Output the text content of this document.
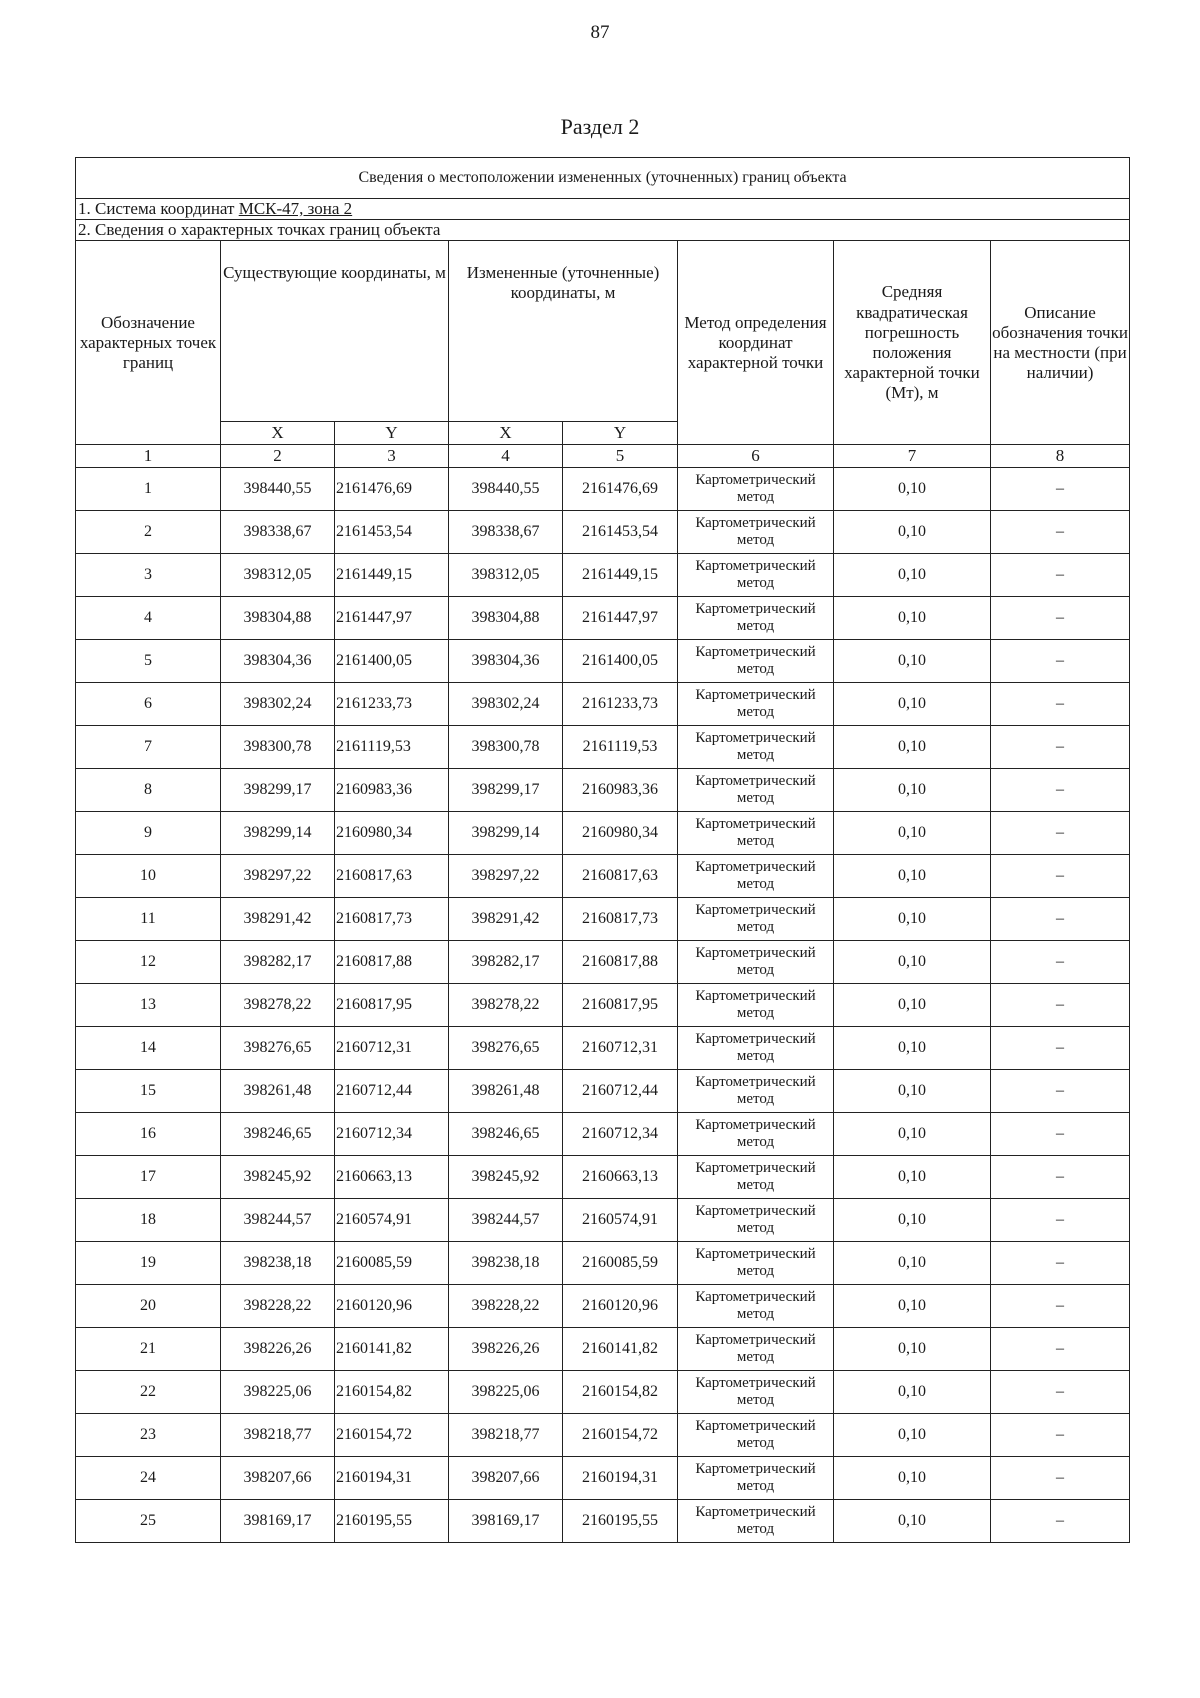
87
Раздел 2
Сведения о местоположении измененных (уточненных) границ объекта							
1. Система координат МСК-47, зона 2							
2. Сведения о характерных точках границ объекта							
Обозначение характерных точек границ	Существующие координаты, м		Измененные (уточненные) координаты, м		Метод определения координат характерной точки	Средняя квадратическая погрешность положения характерной точки (Мт), м	Описание обозначения точки на местности (при наличии)
	X	Y	X	Y			
1	2	3	4	5	6	7	8
1	398440,55	2161476,69	398440,55	2161476,69	Картометрический метод	0,10	–
2	398338,67	2161453,54	398338,67	2161453,54	Картометрический метод	0,10	–
3	398312,05	2161449,15	398312,05	2161449,15	Картометрический метод	0,10	–
4	398304,88	2161447,97	398304,88	2161447,97	Картометрический метод	0,10	–
5	398304,36	2161400,05	398304,36	2161400,05	Картометрический метод	0,10	–
6	398302,24	2161233,73	398302,24	2161233,73	Картометрический метод	0,10	–
7	398300,78	2161119,53	398300,78	2161119,53	Картометрический метод	0,10	–
8	398299,17	2160983,36	398299,17	2160983,36	Картометрический метод	0,10	–
9	398299,14	2160980,34	398299,14	2160980,34	Картометрический метод	0,10	–
10	398297,22	2160817,63	398297,22	2160817,63	Картометрический метод	0,10	–
11	398291,42	2160817,73	398291,42	2160817,73	Картометрический метод	0,10	–
12	398282,17	2160817,88	398282,17	2160817,88	Картометрический метод	0,10	–
13	398278,22	2160817,95	398278,22	2160817,95	Картометрический метод	0,10	–
14	398276,65	2160712,31	398276,65	2160712,31	Картометрический метод	0,10	–
15	398261,48	2160712,44	398261,48	2160712,44	Картометрический метод	0,10	–
16	398246,65	2160712,34	398246,65	2160712,34	Картометрический метод	0,10	–
17	398245,92	2160663,13	398245,92	2160663,13	Картометрический метод	0,10	–
18	398244,57	2160574,91	398244,57	2160574,91	Картометрический метод	0,10	–
19	398238,18	2160085,59	398238,18	2160085,59	Картометрический метод	0,10	–
20	398228,22	2160120,96	398228,22	2160120,96	Картометрический метод	0,10	–
21	398226,26	2160141,82	398226,26	2160141,82	Картометрический метод	0,10	–
22	398225,06	2160154,82	398225,06	2160154,82	Картометрический метод	0,10	–
23	398218,77	2160154,72	398218,77	2160154,72	Картометрический метод	0,10	–
24	398207,66	2160194,31	398207,66	2160194,31	Картометрический метод	0,10	–
25	398169,17	2160195,55	398169,17	2160195,55	Картометрический метод	0,10	–
